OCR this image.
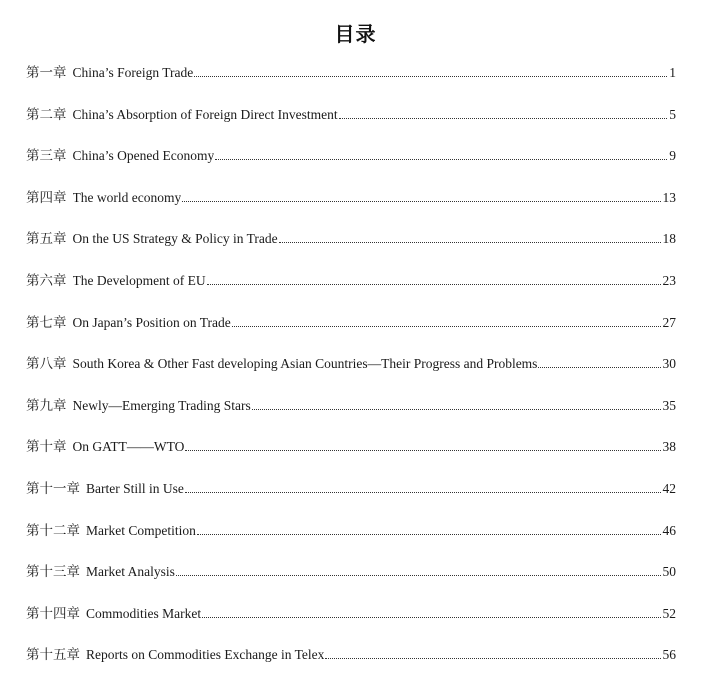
目录
第一章 China’s Foreign Trade	1
第二章 China’s Absorption of Foreign Direct Investment	5
第三章 China’s Opened Economy	9
第四章 The world economy	13
第五章 On the US Strategy & Policy in Trade	18
第六章 The Development of EU	23
第七章 On Japan’s Position on Trade	27
第八章 South Korea & Other Fast developing Asian Countries—Their Progress and Problems	30
第九章 Newly—Emerging Trading Stars	35
第十章 On GATT——WTO	38
第十一章 Barter Still in Use	42
第十二章 Market Competition	46
第十三章 Market Analysis	50
第十四章 Commodities Market	52
第十五章 Reports on Commodities Exchange in Telex	56
